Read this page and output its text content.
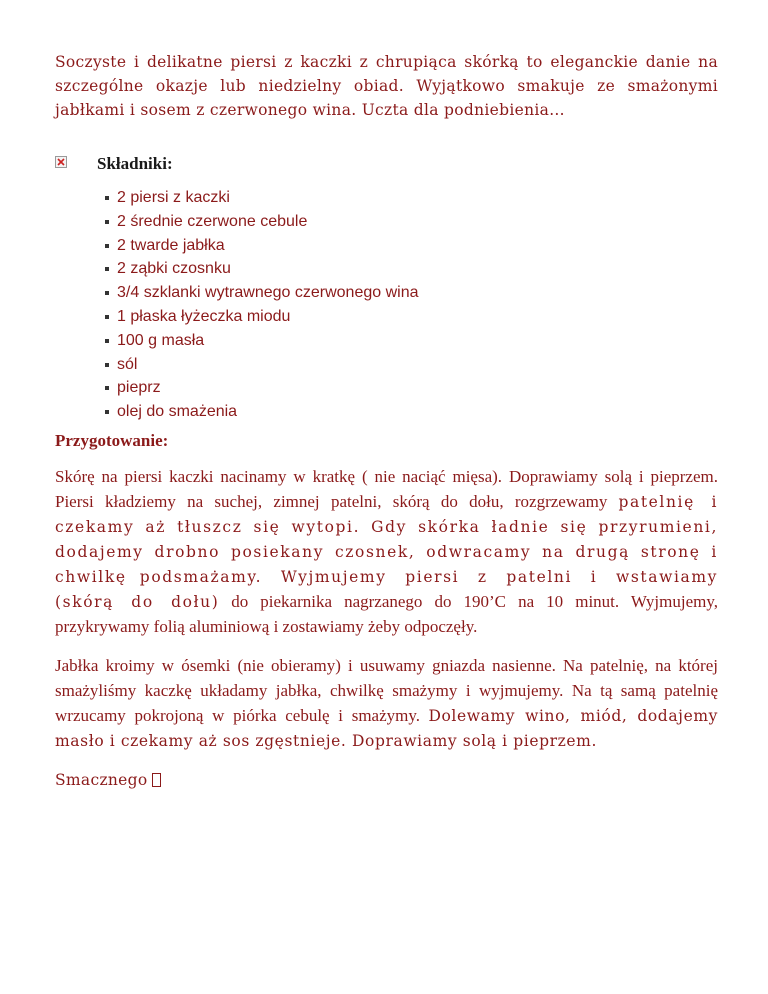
Soczyste i delikatne piersi z kaczki z chrupiąca skórką to eleganckie danie na szczególne okazje lub niedzielny obiad. Wyjątkowo smakuje ze smażonymi jabłkami i sosem z czerwonego wina. Uczta dla podniebienia…

Składniki:
2 piersi z kaczki
2 średnie czerwone cebule
2 twarde jabłka
2 ząbki czosnku
3/4 szklanki wytrawnego czerwonego wina
1 płaska łyżeczka miodu
100 g masła
sól
pieprz
olej do smażenia
Przygotowanie:

Skórę na piersi kaczki nacinamy w kratkę ( nie naciąć mięsa). Doprawiamy solą i pieprzem. Piersi kładziemy na suchej, zimnej patelni, skórą do dołu, rozgrzewamy patelnię i czekamy aż tłuszcz się wytopi. Gdy skórka ładnie się przyrumieni, dodajemy drobno posiekany czosnek, odwracamy na drugą stronę i chwilkę podsmażamy. Wyjmujemy piersi z patelni i wstawiamy (skórą do dołu) do piekarnika nagrzanego do 190’C na 10 minut. Wyjmujemy, przykrywamy folią aluminiową i zostawiamy żeby odpoczęły.

Jabłka kroimy w ósemki (nie obieramy) i usuwamy gniazda nasienne. Na patelnię, na której smażyliśmy kaczkę układamy jabłka, chwilkę smażymy i wyjmujemy. Na tą samą patelnię wrzucamy pokrojoną w piórka cebulę i smażymy. Dolewamy wino, miód, dodajemy masło i czekamy aż sos zgęstnieje. Doprawiamy solą i pieprzem.

Smacznego
